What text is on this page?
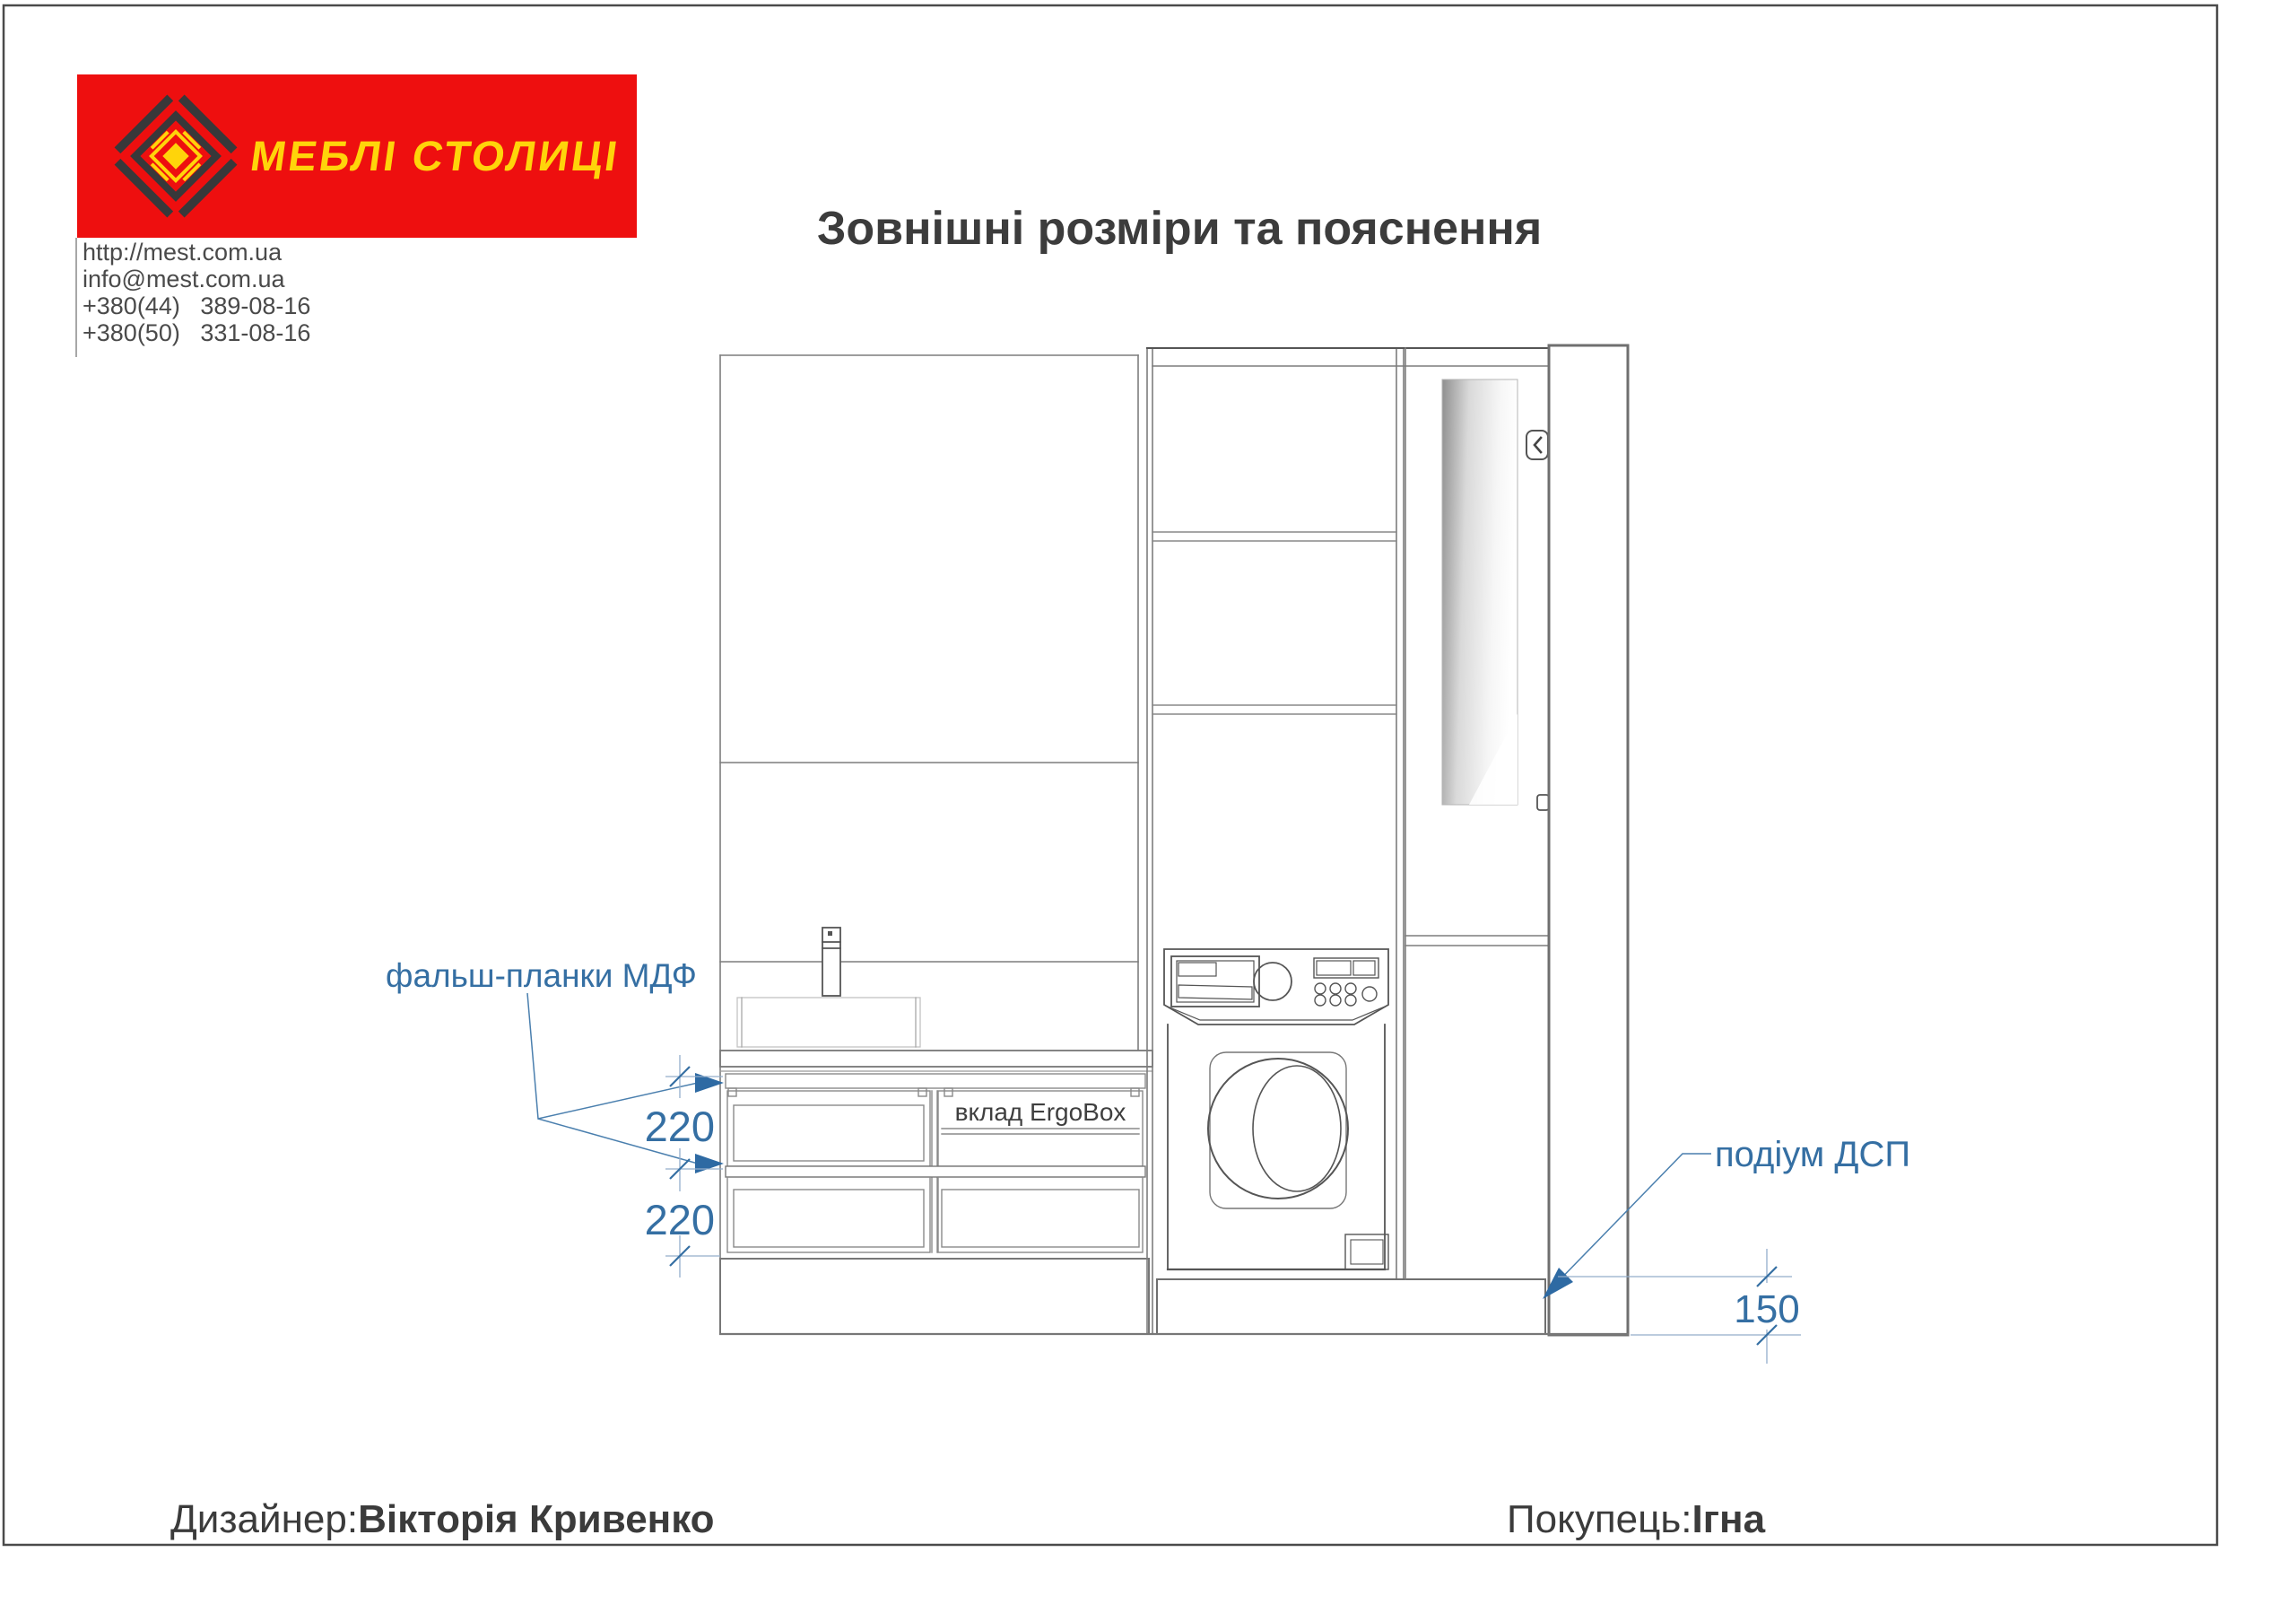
МЕБЛІ СТОЛИЦІ
http://mest.com.ua
info@mest.com.ua
+380(44)   389-08-16
+380(50)   331-08-16
Зовнішні розміри та пояснення
фальш-планки МДФ
220
220
подіум ДСП
150
вклад ErgoBox
Дизайнер:Вікторія Кривенко	Покупець:Ігна
